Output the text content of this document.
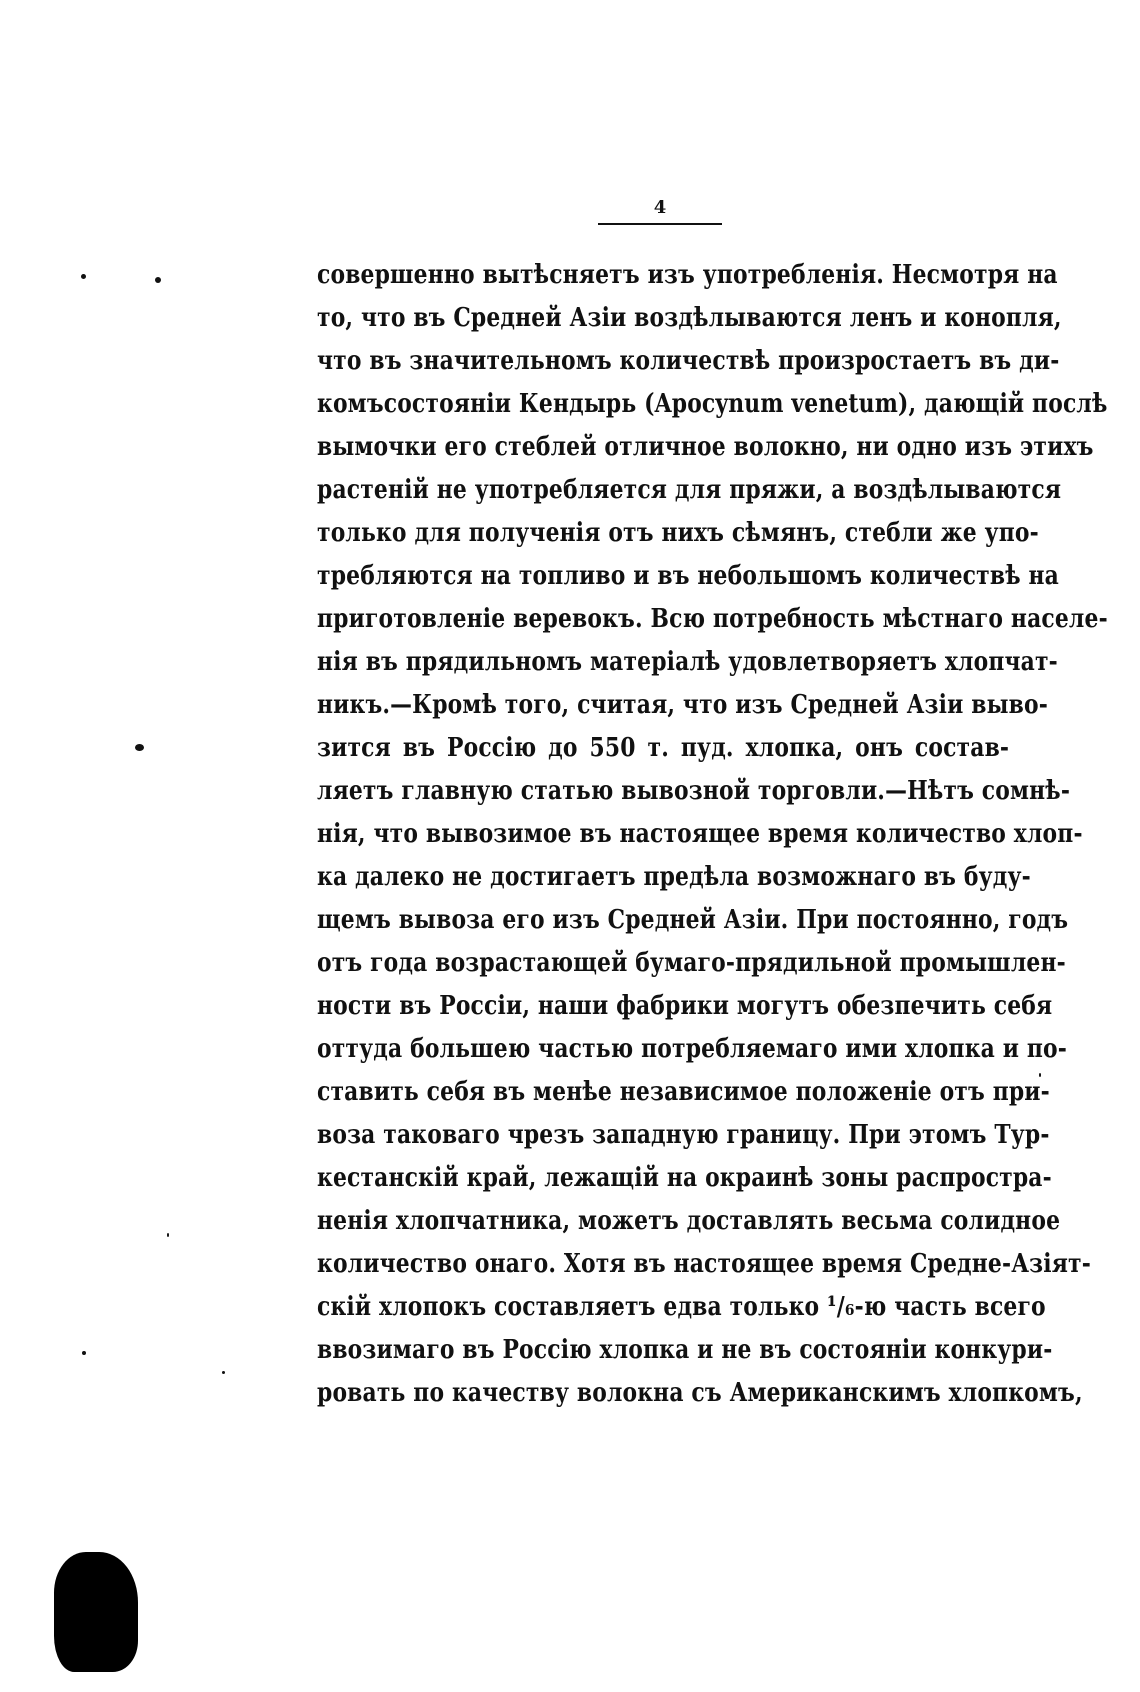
4
совершенно вытѣсняетъ изъ употребленія. Несмотря на
то, что въ Средней Азіи воздѣлываются ленъ и конопля,
что въ значительномъ количествѣ произростаетъ въ ди-
комъсостояніи Кендырь (Apocynum venetum), дающій послѣ
вымочки его стеблей отличное волокно, ни одно изъ этихъ
растеній не употребляется для пряжи, а воздѣлываются
только для полученія отъ нихъ сѣмянъ, стебли же упо-
требляются на топливо и въ небольшомъ количествѣ на
приготовленіе веревокъ. Всю потребность мѣстнаго населе-
нія въ прядильномъ матеріалѣ удовлетворяетъ хлопчат-
никъ.—Кромѣ того, считая, что изъ Средней Азіи выво-
зится въ Россію до 550 т. пуд. хлопка, онъ состав-
ляетъ главную статью вывозной торговли.—Нѣтъ сомнѣ-
нія, что вывозимое въ настоящее время количество хлоп-
ка далеко не достигаетъ предѣла возможнаго въ буду-
щемъ вывоза его изъ Средней Азіи. При постоянно, годъ
отъ года возрастающей бумаго-прядильной промышлен-
ности въ Россіи, наши фабрики могутъ обезпечить себя
оттуда большею частью потребляемаго ими хлопка и по-
ставить себя въ менѣе независимое положеніе отъ при-
воза таковаго чрезъ западную границу. При этомъ Тур-
кестанскій край, лежащій на окраинѣ зоны распростра-
ненія хлопчатника, можетъ доставлять весьма солидное
количество онаго. Хотя въ настоящее время Средне-Азіят-
скій хлопокъ составляетъ едва только ¹/₆-ю часть всего
ввозимаго въ Россію хлопка и не въ состояніи конкури-
ровать по качеству волокна съ Американскимъ хлопкомъ,
